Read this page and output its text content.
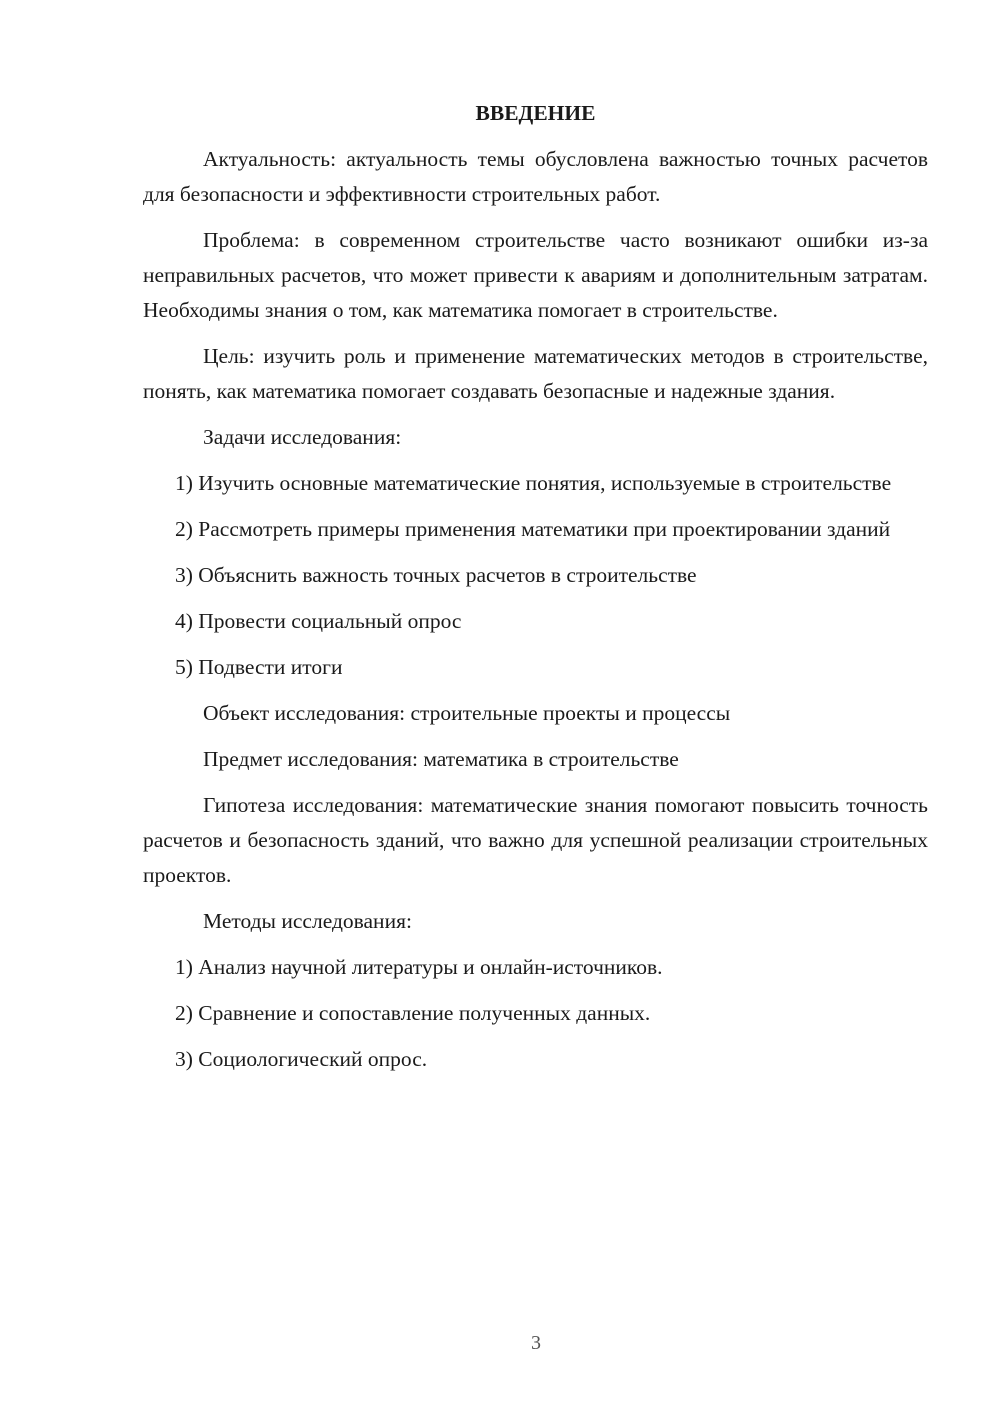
ВВЕДЕНИЕ

Актуальность: актуальность темы обусловлена важностью точных расчетов для безопасности и эффективности строительных работ.

Проблема: в современном строительстве часто возникают ошибки из-за неправильных расчетов, что может привести к авариям и дополнительным затратам. Необходимы знания о том, как математика помогает в строительстве.

Цель: изучить роль и применение математических методов в строительстве, понять, как математика помогает создавать безопасные и надежные здания.

Задачи исследования:

1) Изучить основные математические понятия, используемые в строительстве

2) Рассмотреть примеры применения математики при проектировании зданий

3) Объяснить важность точных расчетов в строительстве

4) Провести социальный опрос

5) Подвести итоги

Объект исследования: строительные проекты и процессы

Предмет исследования: математика в строительстве

Гипотеза исследования: математические знания помогают повысить точность расчетов и безопасность зданий, что важно для успешной реализации строительных проектов.

Методы исследования:

1) Анализ научной литературы и онлайн-источников.

2) Сравнение и сопоставление полученных данных.

3) Социологический опрос.

3
